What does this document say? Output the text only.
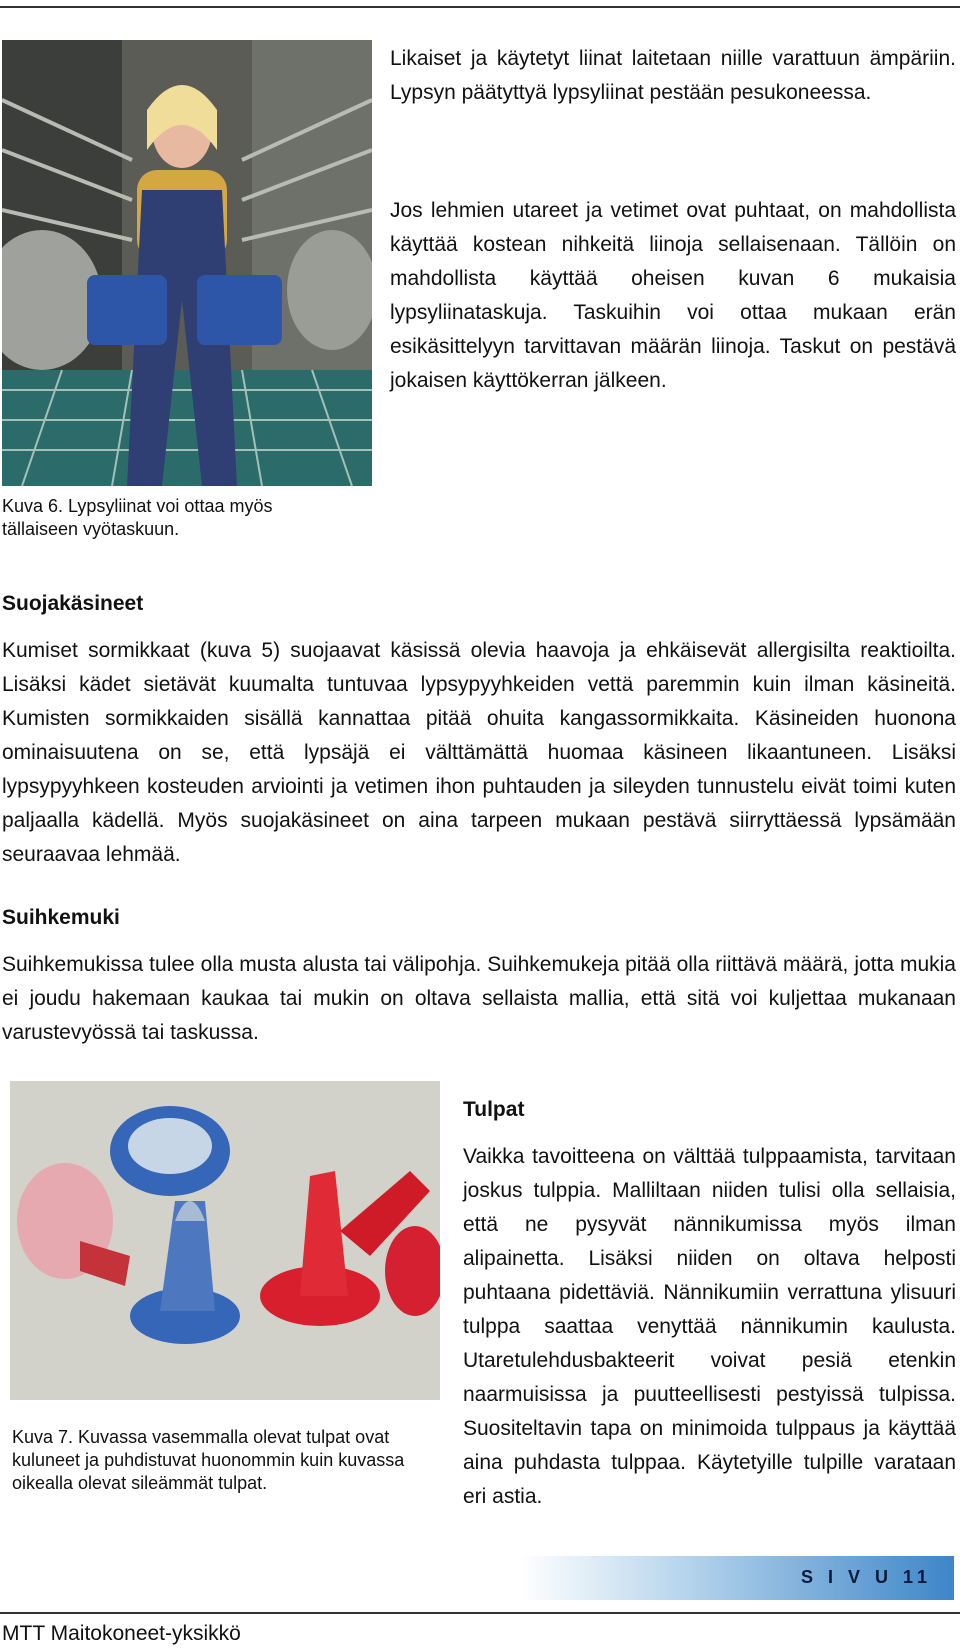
Likaiset ja käytetyt liinat laitetaan niille varattuun ämpäriin. Lypsyn päätyttyä lypsyliinat pestään pesukoneessa.

Jos lehmien utareet ja vetimet ovat puhtaat, on mahdollista käyttää kostean nihkeitä liinoja sellaisenaan. Tällöin on mahdollista käyttää oheisen kuvan 6 mukaisia lypsyliinataskuja. Taskuihin voi ottaa mukaan erän esikäsittelyyn tarvittavan määrän liinoja. Taskut on pestävä jokaisen käyttökerran jälkeen.

Kuva 6. Lypsyliinat voi ottaa myös tällaiseen vyötaskuun.

Suojakäsineet

Kumiset sormikkaat (kuva 5) suojaavat käsissä olevia haavoja ja ehkäisevät allergisilta reaktioilta. Lisäksi kädet sietävät kuumalta tuntuvaa lypsypyyhkeiden vettä paremmin kuin ilman käsineitä. Kumisten sormikkaiden sisällä kannattaa pitää ohuita kangassormikkaita. Käsineiden huonona ominaisuutena on se, että lypsäjä ei välttämättä huomaa käsineen likaantuneen. Lisäksi lypsypyyhkeen kosteuden arviointi ja vetimen ihon puhtauden ja sileyden tunnustelu eivät toimi kuten paljaalla kädellä. Myös suojakäsineet on aina tarpeen mukaan pestävä siirryttäessä lypsämään seuraavaa lehmää.

Suihkemuki

Suihkemukissa tulee olla musta alusta tai välipohja. Suihkemukeja pitää olla riittävä määrä, jotta mukia ei joudu hakemaan kaukaa tai mukin on oltava sellaista mallia, että sitä voi kuljettaa mukanaan varustevyössä tai taskussa.

Kuva 7. Kuvassa vasemmalla olevat tulpat ovat kuluneet ja puhdistuvat huonommin kuin kuvassa oikealla olevat sileämmät tulpat.

Tulpat

Vaikka tavoitteena on välttää tulppaamista, tarvitaan joskus tulppia. Malliltaan niiden tulisi olla sellaisia, että ne pysyvät nännikumissa myös ilman alipainetta. Lisäksi niiden on oltava helposti puhtaana pidettäviä. Nännikumiin verrattuna ylisuuri tulppa saattaa venyttää nännikumin kaulusta. Utaretulehdusbakteerit voivat pesiä etenkin naarmuisissa ja puutteellisesti pestyissä tulpissa. Suositeltavin tapa on minimoida tulppaus ja käyttää aina puhdasta tulppaa. Käytetyille tulpille varataan eri astia.

S I V U 11
MTT Maitokoneet-yksikkö
